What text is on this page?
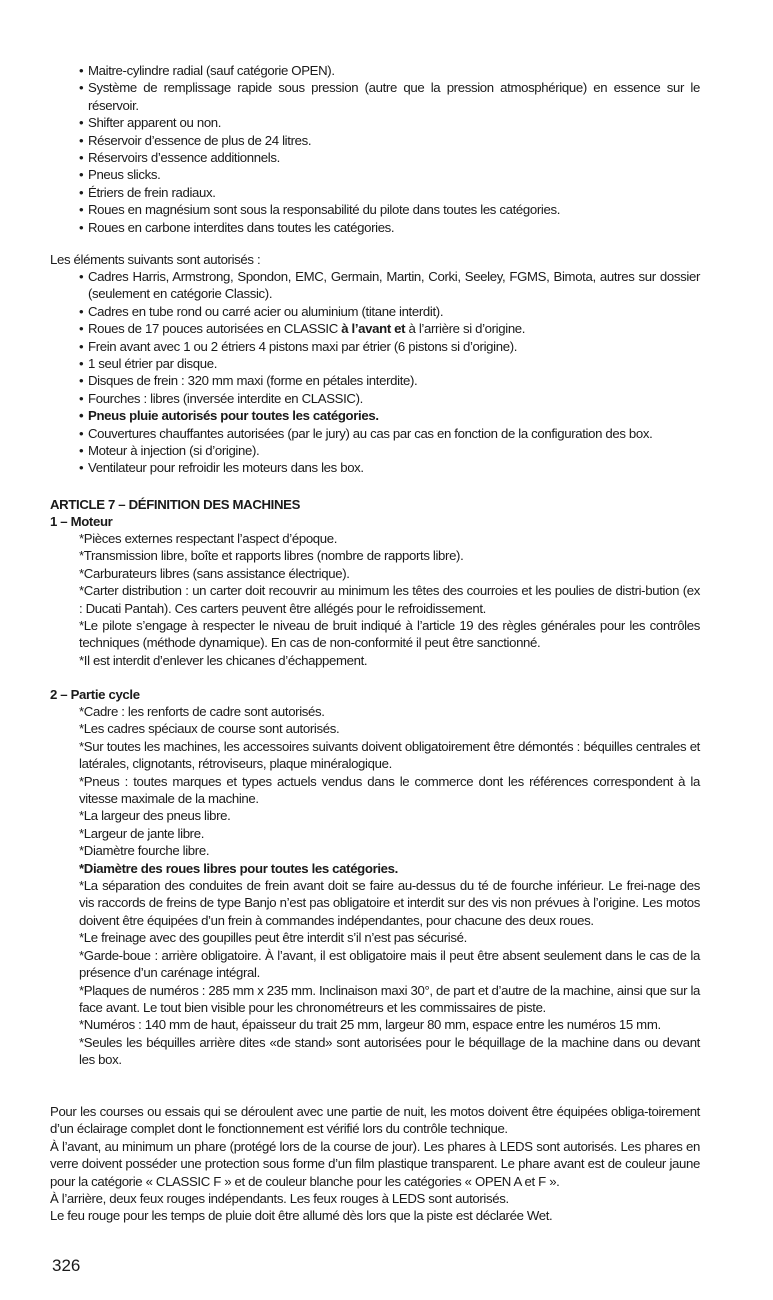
• Maitre-cylindre radial (sauf catégorie OPEN).
• Système de remplissage rapide sous pression (autre que la pression atmosphérique) en essence sur le réservoir.
• Shifter apparent ou non.
• Réservoir d’essence de plus de 24 litres.
• Réservoirs d’essence additionnels.
• Pneus slicks.
• Étriers de frein radiaux.
• Roues en magnésium sont sous la responsabilité du pilote dans toutes les catégories.
• Roues en carbone interdites dans toutes les catégories.

Les éléments suivants sont autorisés :

• Cadres Harris, Armstrong, Spondon, EMC, Germain, Martin, Corki, Seeley, FGMS, Bimota, autres sur dossier (seulement en catégorie Classic).
• Cadres en tube rond ou carré acier ou aluminium (titane interdit).
• Roues de 17 pouces autorisées en CLASSIC à l’avant et à l’arrière si d’origine.
• Frein avant avec 1 ou 2 étriers 4 pistons maxi par étrier (6 pistons si d’origine).
• 1 seul étrier par disque.
• Disques de frein : 320 mm maxi (forme en pétales interdite).
• Fourches : libres (inversée interdite en CLASSIC).
• Pneus pluie autorisés pour toutes les catégories.
• Couvertures chauffantes autorisées (par le jury) au cas par cas en fonction de la configuration des box.
• Moteur à injection (si d’origine).
• Ventilateur pour refroidir les moteurs dans les box.

ARTICLE 7 – DÉFINITION DES MACHINES

1 – Moteur

*Pièces externes respectant l’aspect d’époque.
*Transmission libre, boîte et rapports libres (nombre de rapports libre).
*Carburateurs libres (sans assistance électrique).
*Carter distribution : un carter doit recouvrir au minimum les têtes des courroies et les poulies de distri-bution (ex : Ducati Pantah). Ces carters peuvent être allégés pour le refroidissement.
*Le pilote s’engage à respecter le niveau de bruit indiqué à l’article 19 des règles générales pour les contrôles techniques (méthode dynamique). En cas de non-conformité il peut être sanctionné.
*Il est interdit d’enlever les chicanes d’échappement.

2 – Partie cycle

*Cadre : les renforts de cadre sont autorisés.
*Les cadres spéciaux de course sont autorisés.
*Sur toutes les machines, les accessoires suivants doivent obligatoirement être démontés : béquilles centrales et latérales, clignotants, rétroviseurs, plaque minéralogique.
*Pneus : toutes marques et types actuels vendus dans le commerce dont les références correspondent à la vitesse maximale de la machine.
*La largeur des pneus libre.
*Largeur de jante libre.
*Diamètre fourche libre.
*Diamètre des roues libres pour toutes les catégories.
*La séparation des conduites de frein avant doit se faire au-dessus du té de fourche inférieur. Le frei-nage des vis raccords de freins de type Banjo n’est pas obligatoire et interdit sur des vis non prévues à l’origine. Les motos doivent être équipées d’un frein à commandes indépendantes, pour chacune des deux roues.
*Le freinage avec des goupilles peut être interdit s’il n’est pas sécurisé.
*Garde-boue : arrière obligatoire. À l’avant, il est obligatoire mais il peut être absent seulement dans le cas de la présence d’un carénage intégral.
*Plaques de numéros : 285 mm x 235 mm. Inclinaison maxi 30°, de part et d’autre de la machine, ainsi que sur la face avant. Le tout bien visible pour les chronométreurs et les commissaires de piste.
*Numéros : 140 mm de haut, épaisseur du trait 25 mm, largeur 80 mm, espace entre les numéros 15 mm.
*Seules les béquilles arrière dites «de stand» sont autorisées pour le béquillage de la machine dans ou devant les box.

Pour les courses ou essais qui se déroulent avec une partie de nuit, les motos doivent être équipées obliga-toirement d’un éclairage complet dont le fonctionnement est vérifié lors du contrôle technique.

À l’avant, au minimum un phare (protégé lors de la course de jour). Les phares à LEDS sont autorisés. Les phares en verre doivent posséder une protection sous forme d’un film plastique transparent. Le phare avant est de couleur jaune pour la catégorie « CLASSIC F » et de couleur blanche pour les catégories « OPEN A et F ».

À l’arrière, deux feux rouges indépendants. Les feux rouges à LEDS sont autorisés.

Le feu rouge pour les temps de pluie doit être allumé dès lors que la piste est déclarée Wet.

326
